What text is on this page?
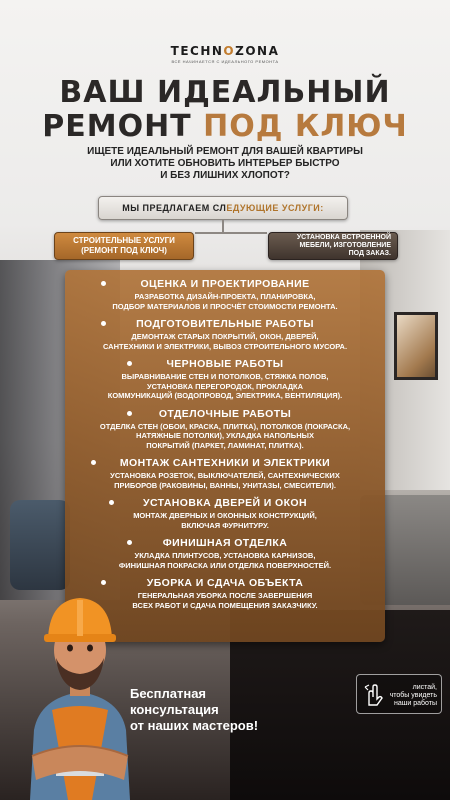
TECHNOZONA
ВСЁ НАЧИНАЕТСЯ С ИДЕАЛЬНОГО РЕМОНТА
ВАШ ИДЕАЛЬНЫЙ
РЕМОНТ ПОД КЛЮЧ
ИЩЕТЕ ИДЕАЛЬНЫЙ РЕМОНТ ДЛЯ ВАШЕЙ КВАРТИРЫ
ИЛИ ХОТИТЕ ОБНОВИТЬ ИНТЕРЬЕР БЫСТРО
И БЕЗ ЛИШНИХ ХЛОПОТ?
МЫ ПРЕДЛАГАЕМ СЛ ЕДУЮЩИЕ УСЛУГИ:
СТРОИТЕЛЬНЫЕ УСЛУГИ
(РЕМОНТ ПОД КЛЮЧ)
УСТАНОВКА ВСТРОЕННОЙ
МЕБЕЛИ, ИЗГОТОВЛЕНИЕ
ПОД ЗАКАЗ.
ОЦЕНКА И ПРОЕКТИРОВАНИЕ
РАЗРАБОТКА ДИЗАЙН-ПРОЕКТА, ПЛАНИРОВКА,
ПОДБОР МАТЕРИАЛОВ И ПРОСЧЁТ СТОИМОСТИ РЕМОНТА.
ПОДГОТОВИТЕЛЬНЫЕ РАБОТЫ
ДЕМОНТАЖ СТАРЫХ ПОКРЫТИЙ, ОКОН, ДВЕРЕЙ,
САНТЕХНИКИ И ЭЛЕКТРИКИ, ВЫВОЗ СТРОИТЕЛЬНОГО МУСОРА.
ЧЕРНОВЫЕ РАБОТЫ
ВЫРАВНИВАНИЕ СТЕН И ПОТОЛКОВ, СТЯЖКА ПОЛОВ,
УСТАНОВКА ПЕРЕГОРОДОК, ПРОКЛАДКА
КОММУНИКАЦИЙ (ВОДОПРОВОД, ЭЛЕКТРИКА, ВЕНТИЛЯЦИЯ).
ОТДЕЛОЧНЫЕ РАБОТЫ
ОТДЕЛКА СТЕН (ОБОИ, КРАСКА, ПЛИТКА), ПОТОЛКОВ (ПОКРАСКА,
НАТЯЖНЫЕ ПОТОЛКИ), УКЛАДКА НАПОЛЬНЫХ
ПОКРЫТИЙ (ПАРКЕТ, ЛАМИНАТ, ПЛИТКА).
МОНТАЖ САНТЕХНИКИ И ЭЛЕКТРИКИ
УСТАНОВКА РОЗЕТОК, ВЫКЛЮЧАТЕЛЕЙ, САНТЕХНИЧЕСКИХ
ПРИБОРОВ (РАКОВИНЫ, ВАННЫ, УНИТАЗЫ, СМЕСИТЕЛИ).
УСТАНОВКА ДВЕРЕЙ И ОКОН
МОНТАЖ ДВЕРНЫХ И ОКОННЫХ КОНСТРУКЦИЙ,
ВКЛЮЧАЯ ФУРНИТУРУ.
ФИНИШНАЯ ОТДЕЛКА
УКЛАДКА ПЛИНТУСОВ, УСТАНОВКА КАРНИЗОВ,
ФИНИШНАЯ ПОКРАСКА ИЛИ ОТДЕЛКА ПОВЕРХНОСТЕЙ.
УБОРКА И СДАЧА ОБЪЕКТА
ГЕНЕРАЛЬНАЯ УБОРКА ПОСЛЕ ЗАВЕРШЕНИЯ
ВСЕХ РАБОТ И СДАЧА ПОМЕЩЕНИЯ ЗАКАЗЧИКУ.
Бесплатная
консультация
от наших мастеров!
листай,
чтобы увидеть
наши работы
